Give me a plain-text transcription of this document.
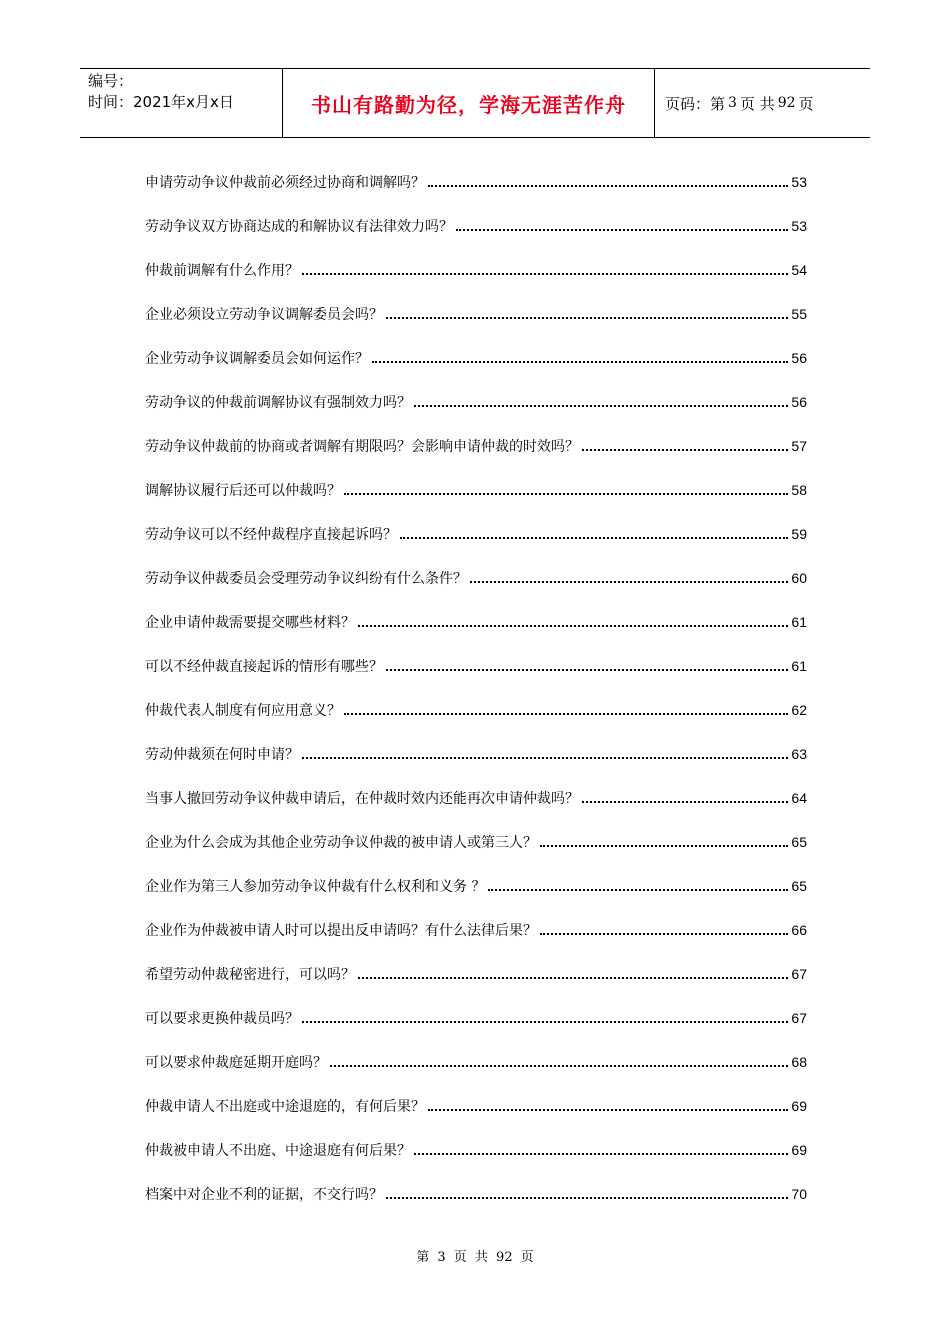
编号：
时间：2021年x月x日	书山有路勤为径，学海无涯苦作舟	页码：第 3 页 共 92 页
申请劳动争议仲裁前必须经过协商和调解吗？	53
劳动争议双方协商达成的和解协议有法律效力吗？	53
仲裁前调解有什么作用？	54
企业必须设立劳动争议调解委员会吗？	55
企业劳动争议调解委员会如何运作？	56
劳动争议的仲裁前调解协议有强制效力吗？	56
劳动争议仲裁前的协商或者调解有期限吗？会影响申请仲裁的时效吗？	57
调解协议履行后还可以仲裁吗？	58
劳动争议可以不经仲裁程序直接起诉吗？	59
劳动争议仲裁委员会受理劳动争议纠纷有什么条件？	60
企业申请仲裁需要提交哪些材料？	61
可以不经仲裁直接起诉的情形有哪些？	61
仲裁代表人制度有何应用意义？	62
劳动仲裁须在何时申请？	63
当事人撤回劳动争议仲裁申请后，在仲裁时效内还能再次申请仲裁吗？	64
企业为什么会成为其他企业劳动争议仲裁的被申请人或第三人？	65
企业作为第三人参加劳动争议仲裁有什么权利和义务 ？	65
企业作为仲裁被申请人时可以提出反申请吗？有什么法律后果？	66
希望劳动仲裁秘密进行，可以吗？	67
可以要求更换仲裁员吗？	67
可以要求仲裁庭延期开庭吗？	68
仲裁申请人不出庭或中途退庭的，有何后果？	69
仲裁被申请人不出庭、中途退庭有何后果？	69
档案中对企业不利的证据，不交行吗？	70
第 3 页 共 92 页
